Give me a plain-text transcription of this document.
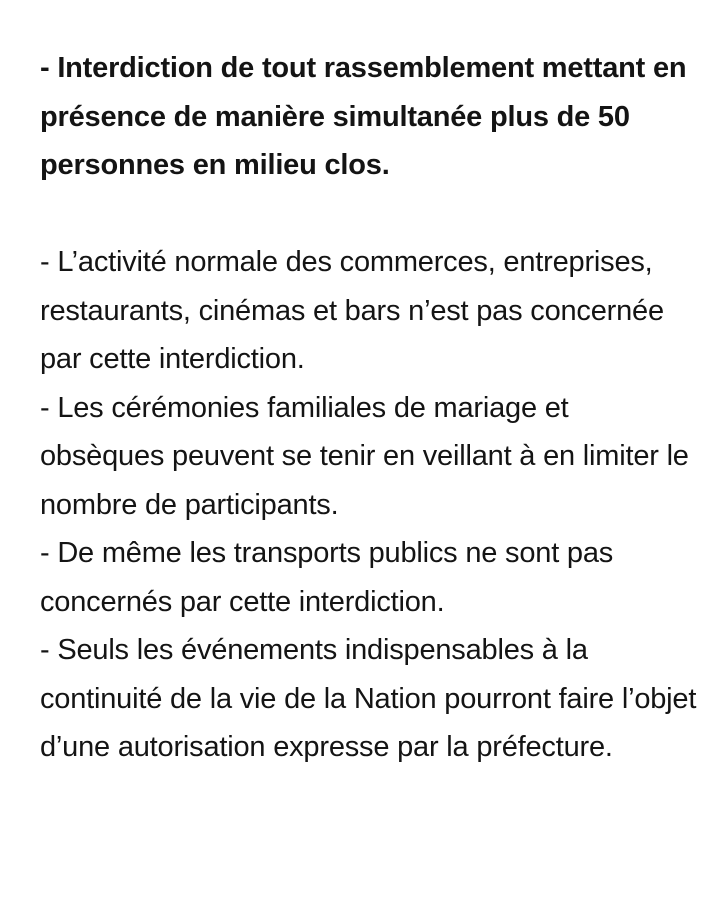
- Interdiction de tout rassemblement mettant en présence de manière simultanée plus de 50 personnes en milieu clos.

- L’activité normale des commerces, entreprises, restaurants, cinémas et bars n’est pas concernée par cette interdiction.

- Les cérémonies familiales de mariage et obsèques peuvent se tenir en veillant à en limiter le nombre de participants.

- De même les transports publics ne sont pas concernés par cette interdiction.

- Seuls les événements indispensables à la continuité de la vie de la Nation pourront faire l’objet d’une autorisation expresse par la préfecture.
